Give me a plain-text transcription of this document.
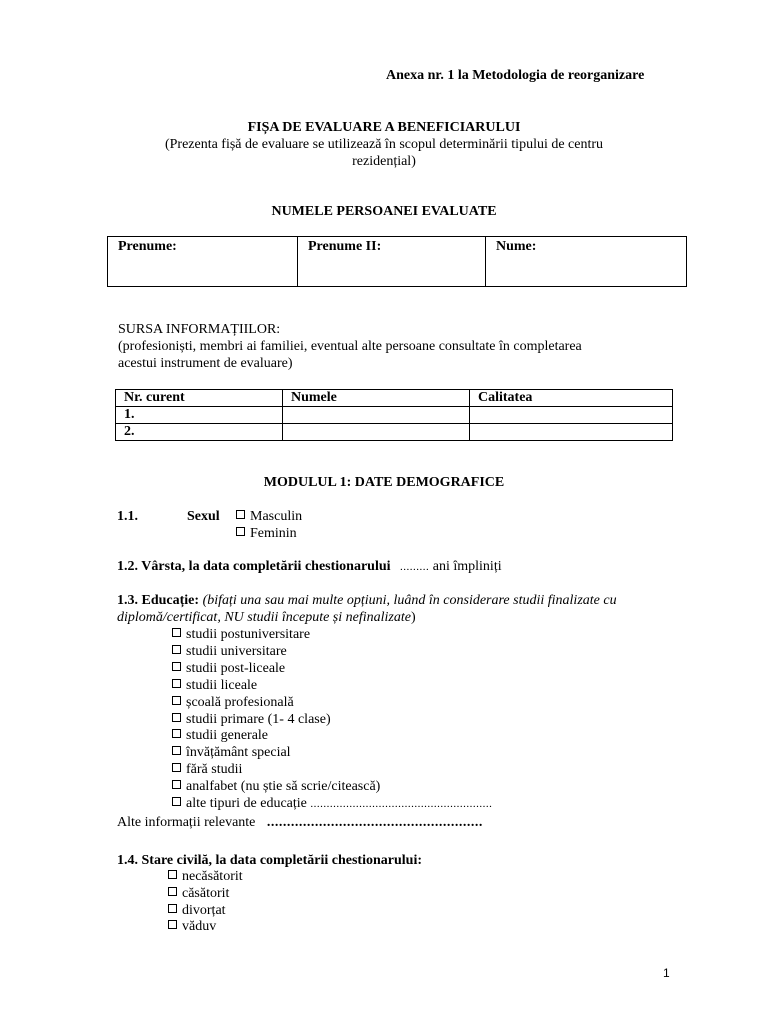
Anexa nr. 1 la Metodologia de reorganizare
FIȘA DE EVALUARE A BENEFICIARULUI
(Prezenta fișă de evaluare se utilizează în scopul determinării tipului de centru
rezidențial)
NUMELE PERSOANEI EVALUATE
Prenume:	Prenume II:	Nume:
SURSA INFORMAȚIILOR:
(profesioniști, membri ai familiei, eventual alte persoane consultate în completarea
acestui instrument de evaluare)
Nr. curent	Numele	Calitatea
1.		
2.		
MODULUL 1: DATE DEMOGRAFICE
1.1.	Sexul	Masculin
Feminin
1.2. Vârsta, la data completării chestionarului ......... ani împliniți
1.3. Educație: (bifați una sau mai multe opțiuni, luând în considerare studii finalizate cu
diplomă/certificat, NU studii începute și nefinalizate)
studii postuniversitare
studii universitare
studii post-liceale
studii liceale
școală profesională
studii primare (1- 4 clase)
studii generale
învățământ special
fără studii
analfabet (nu știe să scrie/citească)
alte tipuri de educație ........................................................
Alte informații relevante ......................................................
1.4. Stare civilă, la data completării chestionarului:
necăsătorit
căsătorit
divorțat
văduv
1
